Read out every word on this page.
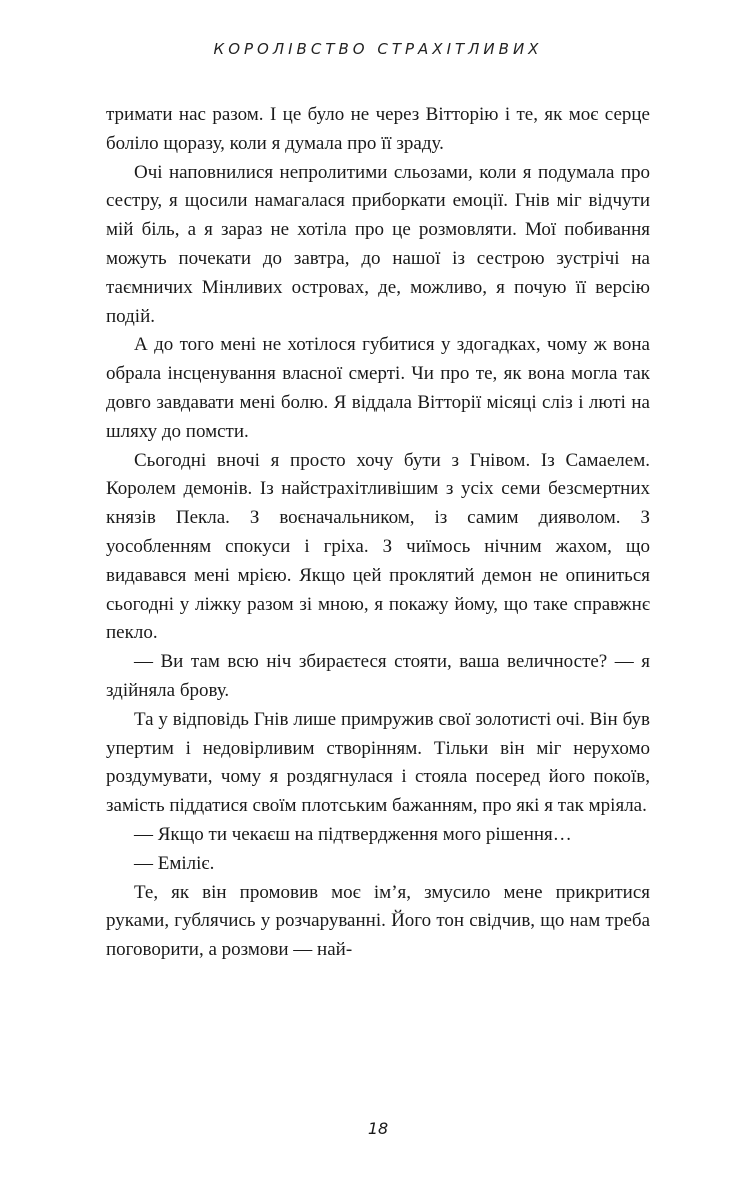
КОРОЛІВСТВО СТРАХІТЛИВИХ

тримати нас разом. І це було не через Вітторію і те, як моє серце боліло щоразу, коли я думала про її зраду.

Очі наповнилися непролитими сльозами, коли я подумала про сестру, я щосили намагалася приборкати емоції. Гнів міг відчути мій біль, а я зараз не хотіла про це розмовляти. Мої побивання можуть почекати до завтра, до нашої із сестрою зустрічі на таємничих Мінливих островах, де, можливо, я почую її версію подій.

А до того мені не хотілося губитися у здогадках, чому ж вона обрала інсценування власної смерті. Чи про те, як вона могла так довго завдавати мені болю. Я віддала Вітторії місяці сліз і люті на шляху до помсти.

Сьогодні вночі я просто хочу бути з Гнівом. Із Самаелем. Королем демонів. Із найстрахітливішим з усіх семи безсмертних князів Пекла. З воєначальником, із самим дияволом. З уособленням спокуси і гріха. З чиїмось нічним жахом, що видавався мені мрією. Якщо цей проклятий демон не опиниться сьогодні у ліжку разом зі мною, я покажу йому, що таке справжнє пекло.

— Ви там всю ніч збираєтеся стояти, ваша величносте? — я здійняла брову.

Та у відповідь Гнів лише примружив свої золотисті очі. Він був упертим і недовірливим створінням. Тільки він міг нерухомо роздумувати, чому я роздягнулася і стояла посеред його покоїв, замість піддатися своїм плотським бажанням, про які я так мріяла.

— Якщо ти чекаєш на підтвердження мого рішення…

— Еміліє.

Те, як він промовив моє ім’я, змусило мене прикритися руками, гублячись у розчаруванні. Його тон свідчив, що нам треба поговорити, а розмови — най-

18
